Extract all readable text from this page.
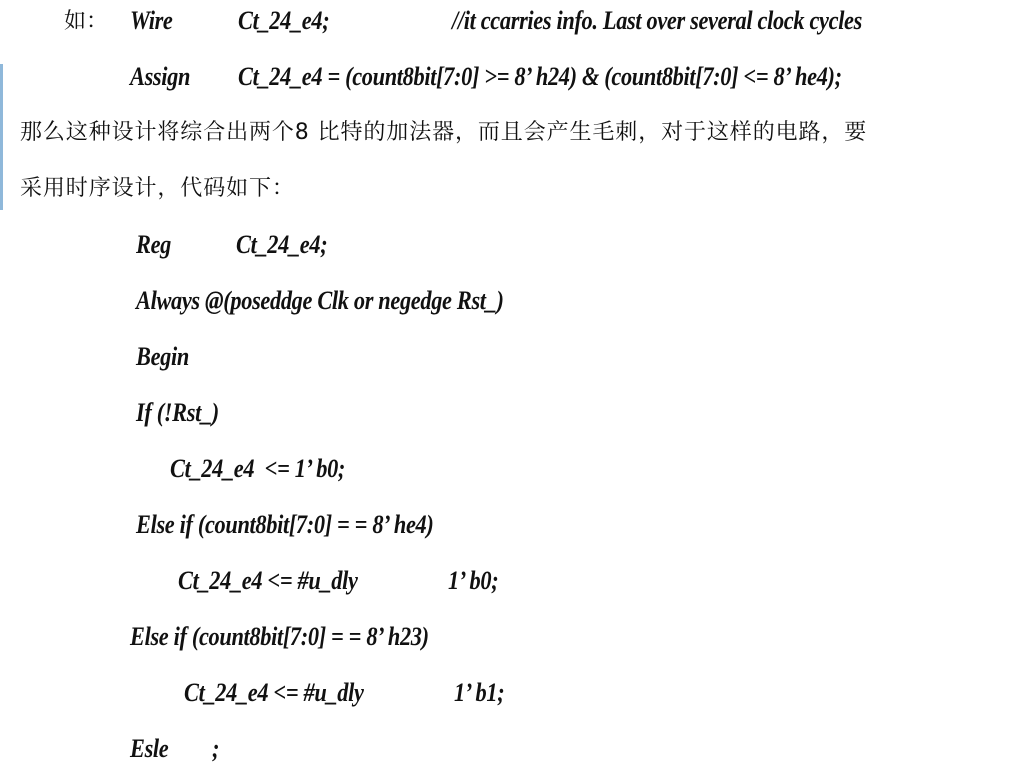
如：

Wire

	Ct_24_e4;

	//it ccarries info. Last over several clock cycles

Assign

Ct_24_e4 = (count8bit[7:0] >= 8’ h24) & (count8bit[7:0] <= 8’ he4);

那么这种设计将综合出两个8 比特的加法器，而且会产生毛刺，对于这样的电路，要
采用时序设计，代码如下：

Reg

	Ct_24_e4;

Always @(poseddge Clk or negedge Rst_)
Begin
If (!Rst_)
Ct_24_e4  <= 1’ b0;
Else if (count8bit[7:0] = = 8’ he4)

Ct_24_e4 <= #u_dly

	1’ b0;

Else if (count8bit[7:0] = = 8’ h23)

Ct_24_e4 <= #u_dly

	1’ b1;

Esle

;
